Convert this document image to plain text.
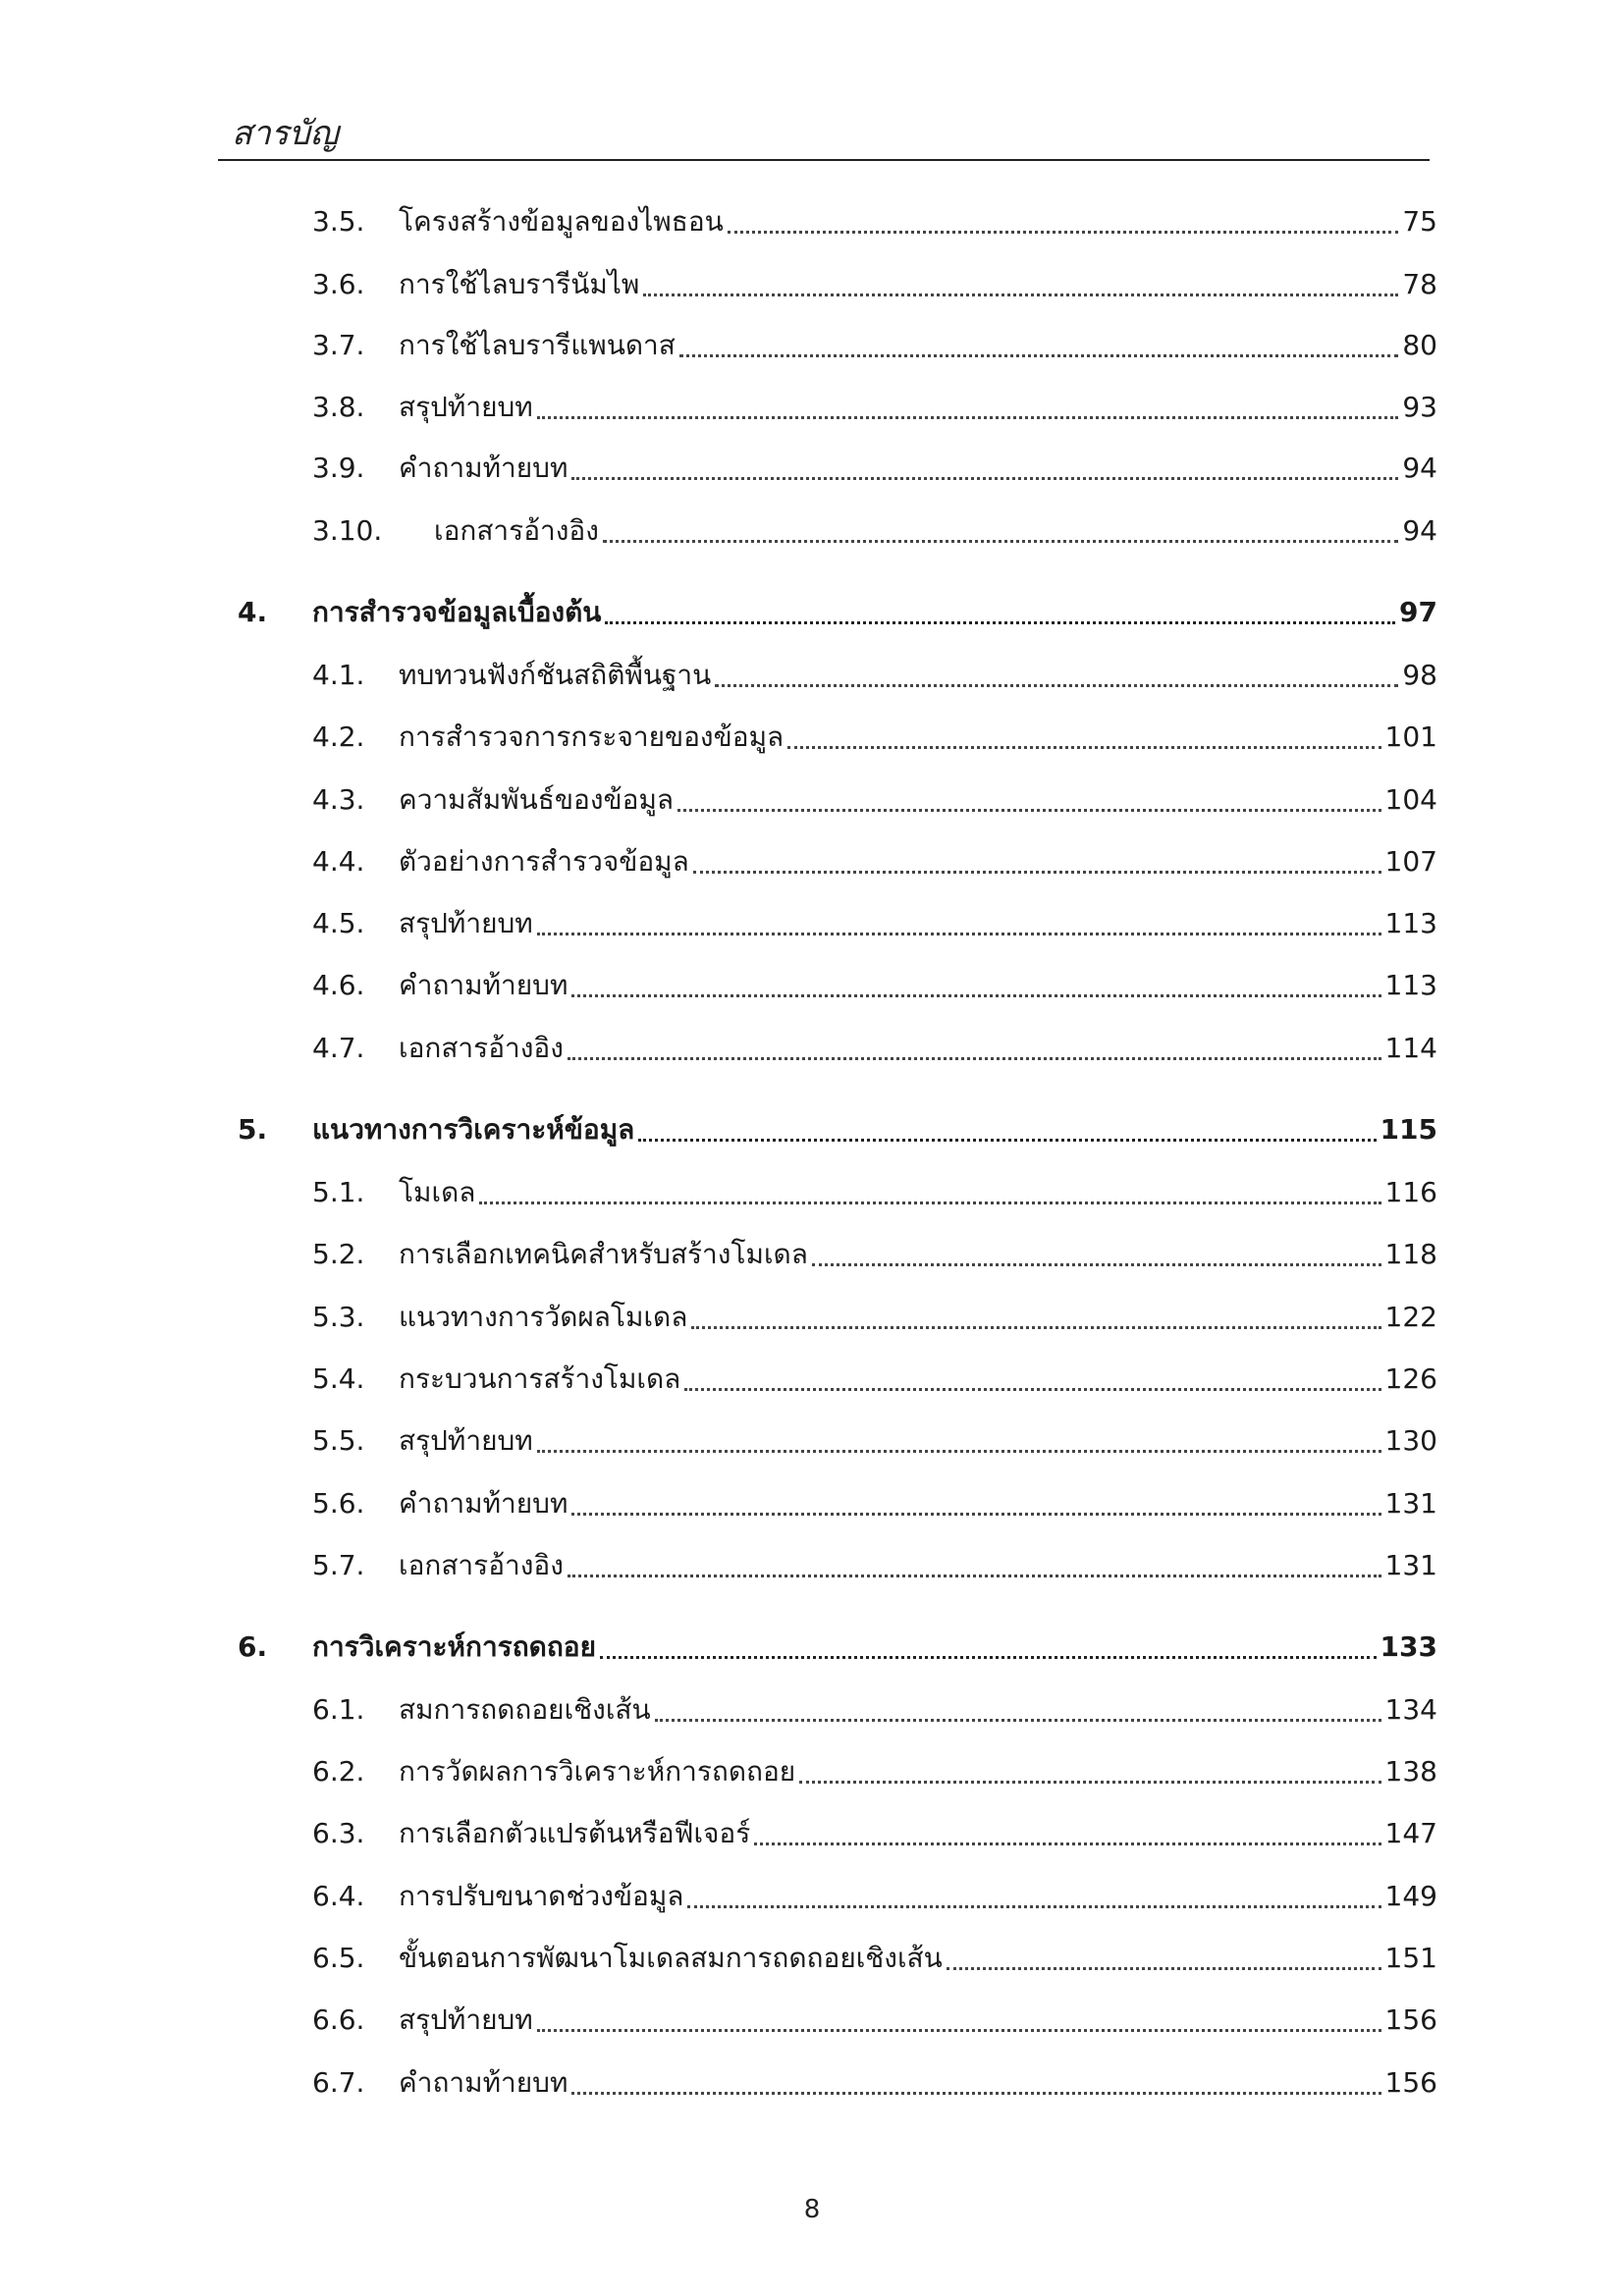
สารบัญ
3.5. โครงสร้างข้อมูลของไพธอน	75
3.6. การใช้ไลบรารีนัมไพ	78
3.7. การใช้ไลบรารีแพนดาส	80
3.8. สรุปท้ายบท	93
3.9. คำถามท้ายบท	94
3.10. เอกสารอ้างอิง	94
4. การสำรวจข้อมูลเบื้องต้น	97
4.1. ทบทวนฟังก์ชันสถิติพื้นฐาน	98
4.2. การสำรวจการกระจายของข้อมูล	101
4.3. ความสัมพันธ์ของข้อมูล	104
4.4. ตัวอย่างการสำรวจข้อมูล	107
4.5. สรุปท้ายบท	113
4.6. คำถามท้ายบท	113
4.7. เอกสารอ้างอิง	114
5. แนวทางการวิเคราะห์ข้อมูล	115
5.1. โมเดล	116
5.2. การเลือกเทคนิคสำหรับสร้างโมเดล	118
5.3. แนวทางการวัดผลโมเดล	122
5.4. กระบวนการสร้างโมเดล	126
5.5. สรุปท้ายบท	130
5.6. คำถามท้ายบท	131
5.7. เอกสารอ้างอิง	131
6. การวิเคราะห์การถดถอย	133
6.1. สมการถดถอยเชิงเส้น	134
6.2. การวัดผลการวิเคราะห์การถดถอย	138
6.3. การเลือกตัวแปรต้นหรือฟีเจอร์	147
6.4. การปรับขนาดช่วงข้อมูล	149
6.5. ขั้นตอนการพัฒนาโมเดลสมการถดถอยเชิงเส้น	151
6.6. สรุปท้ายบท	156
6.7. คำถามท้ายบท	156
8
